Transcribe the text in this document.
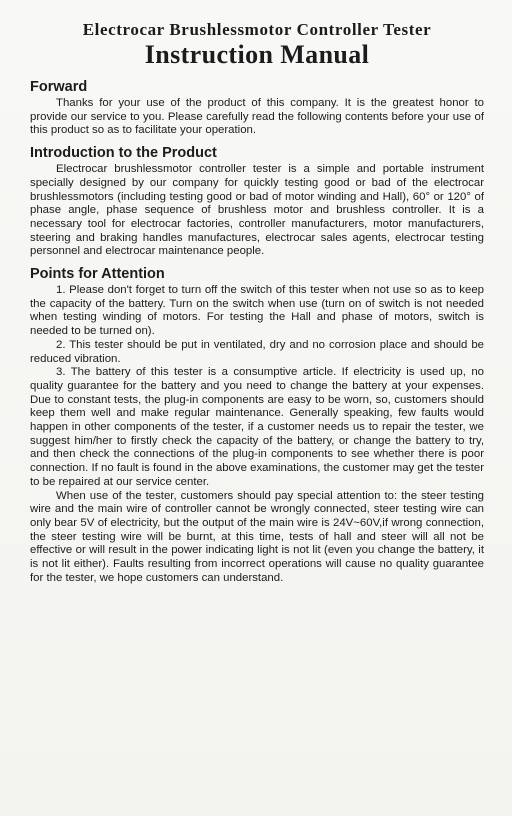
Electrocar Brushlessmotor Controller Tester
Instruction Manual
Forward

Thanks for your use of the product of this company. It is the greatest honor to provide our service to you. Please carefully read the following contents before your use of this product so as to facilitate your operation.

Introduction to the Product

Electrocar brushlessmotor controller tester is a simple and portable instrument specially designed by our company for quickly testing good or bad of the electrocar brushlessmotors (including testing good or bad of motor winding and Hall), 60° or 120° of phase angle, phase sequence of brushless motor and brushless controller. It is a necessary tool for electrocar factories, controller manufacturers, motor manufacturers, steering and braking handles manufactures, electrocar sales agents, electrocar testing personnel and electrocar maintenance people.

Points for Attention

1. Please don't forget to turn off the switch of this tester when not use so as to keep the capacity of the battery. Turn on the switch when use (turn on of switch is not needed when testing winding of motors. For testing the Hall and phase of motors, switch is needed to be turned on).

2. This tester should be put in ventilated, dry and no corrosion place and should be reduced vibration.

3. The battery of this tester is a consumptive article. If electricity is used up, no quality guarantee for the battery and you need to change the battery at your expenses. Due to constant tests, the plug-in components are easy to be worn, so, customers should keep them well and make regular maintenance. Generally speaking, few faults would happen in other components of the tester, if a customer needs us to repair the tester, we suggest him/her to firstly check the capacity of the battery, or change the battery to try, and then check the connections of the plug-in components to see whether there is poor connection. If no fault is found in the above examinations, the customer may get the tester to be repaired at our service center.

When use of the tester, customers should pay special attention to: the steer testing wire and the main wire of controller cannot be wrongly connected, steer testing wire can only bear 5V of electricity, but the output of the main wire is 24V~60V,if wrong connection, the steer testing wire will be burnt, at this time, tests of hall and steer will all not be effective or will result in the power indicating light is not lit (even you change the battery, it is not lit either). Faults resulting from incorrect operations will cause no quality guarantee for the tester, we hope customers can understand.
